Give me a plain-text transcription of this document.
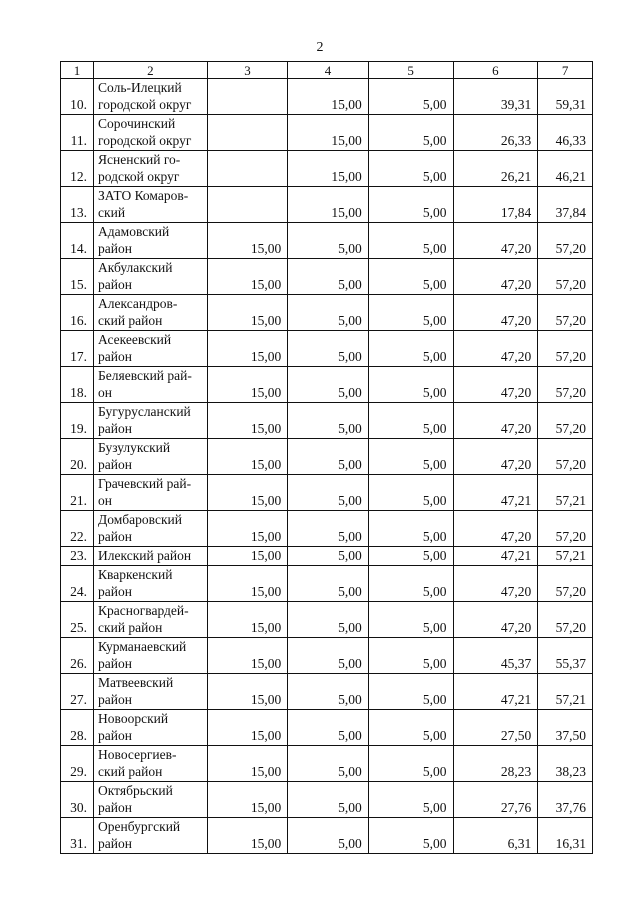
2
1	2	3	4	5	6	7
10.	Соль-Илецкий
городской округ		15,00	5,00	39,31	59,31
11.	Сорочинский
городской округ		15,00	5,00	26,33	46,33
12.	Ясненский го-
родской округ		15,00	5,00	26,21	46,21
13.	ЗАТО Комаров-
ский		15,00	5,00	17,84	37,84
14.	Адамовский
район	15,00	5,00	5,00	47,20	57,20
15.	Акбулакский
район	15,00	5,00	5,00	47,20	57,20
16.	Александров-
ский район	15,00	5,00	5,00	47,20	57,20
17.	Асекеевский
район	15,00	5,00	5,00	47,20	57,20
18.	Беляевский рай-
он	15,00	5,00	5,00	47,20	57,20
19.	Бугурусланский
район	15,00	5,00	5,00	47,20	57,20
20.	Бузулукский
район	15,00	5,00	5,00	47,20	57,20
21.	Грачевский рай-
он	15,00	5,00	5,00	47,21	57,21
22.	Домбаровский
район	15,00	5,00	5,00	47,20	57,20
23.	Илекский район	15,00	5,00	5,00	47,21	57,21
24.	Кваркенский
район	15,00	5,00	5,00	47,20	57,20
25.	Красногвардей-
ский район	15,00	5,00	5,00	47,20	57,20
26.	Курманаевский
район	15,00	5,00	5,00	45,37	55,37
27.	Матвеевский
район	15,00	5,00	5,00	47,21	57,21
28.	Новоорский
район	15,00	5,00	5,00	27,50	37,50
29.	Новосергиев-
ский район	15,00	5,00	5,00	28,23	38,23
30.	Октябрьский
район	15,00	5,00	5,00	27,76	37,76
31.	Оренбургский
район	15,00	5,00	5,00	6,31	16,31
